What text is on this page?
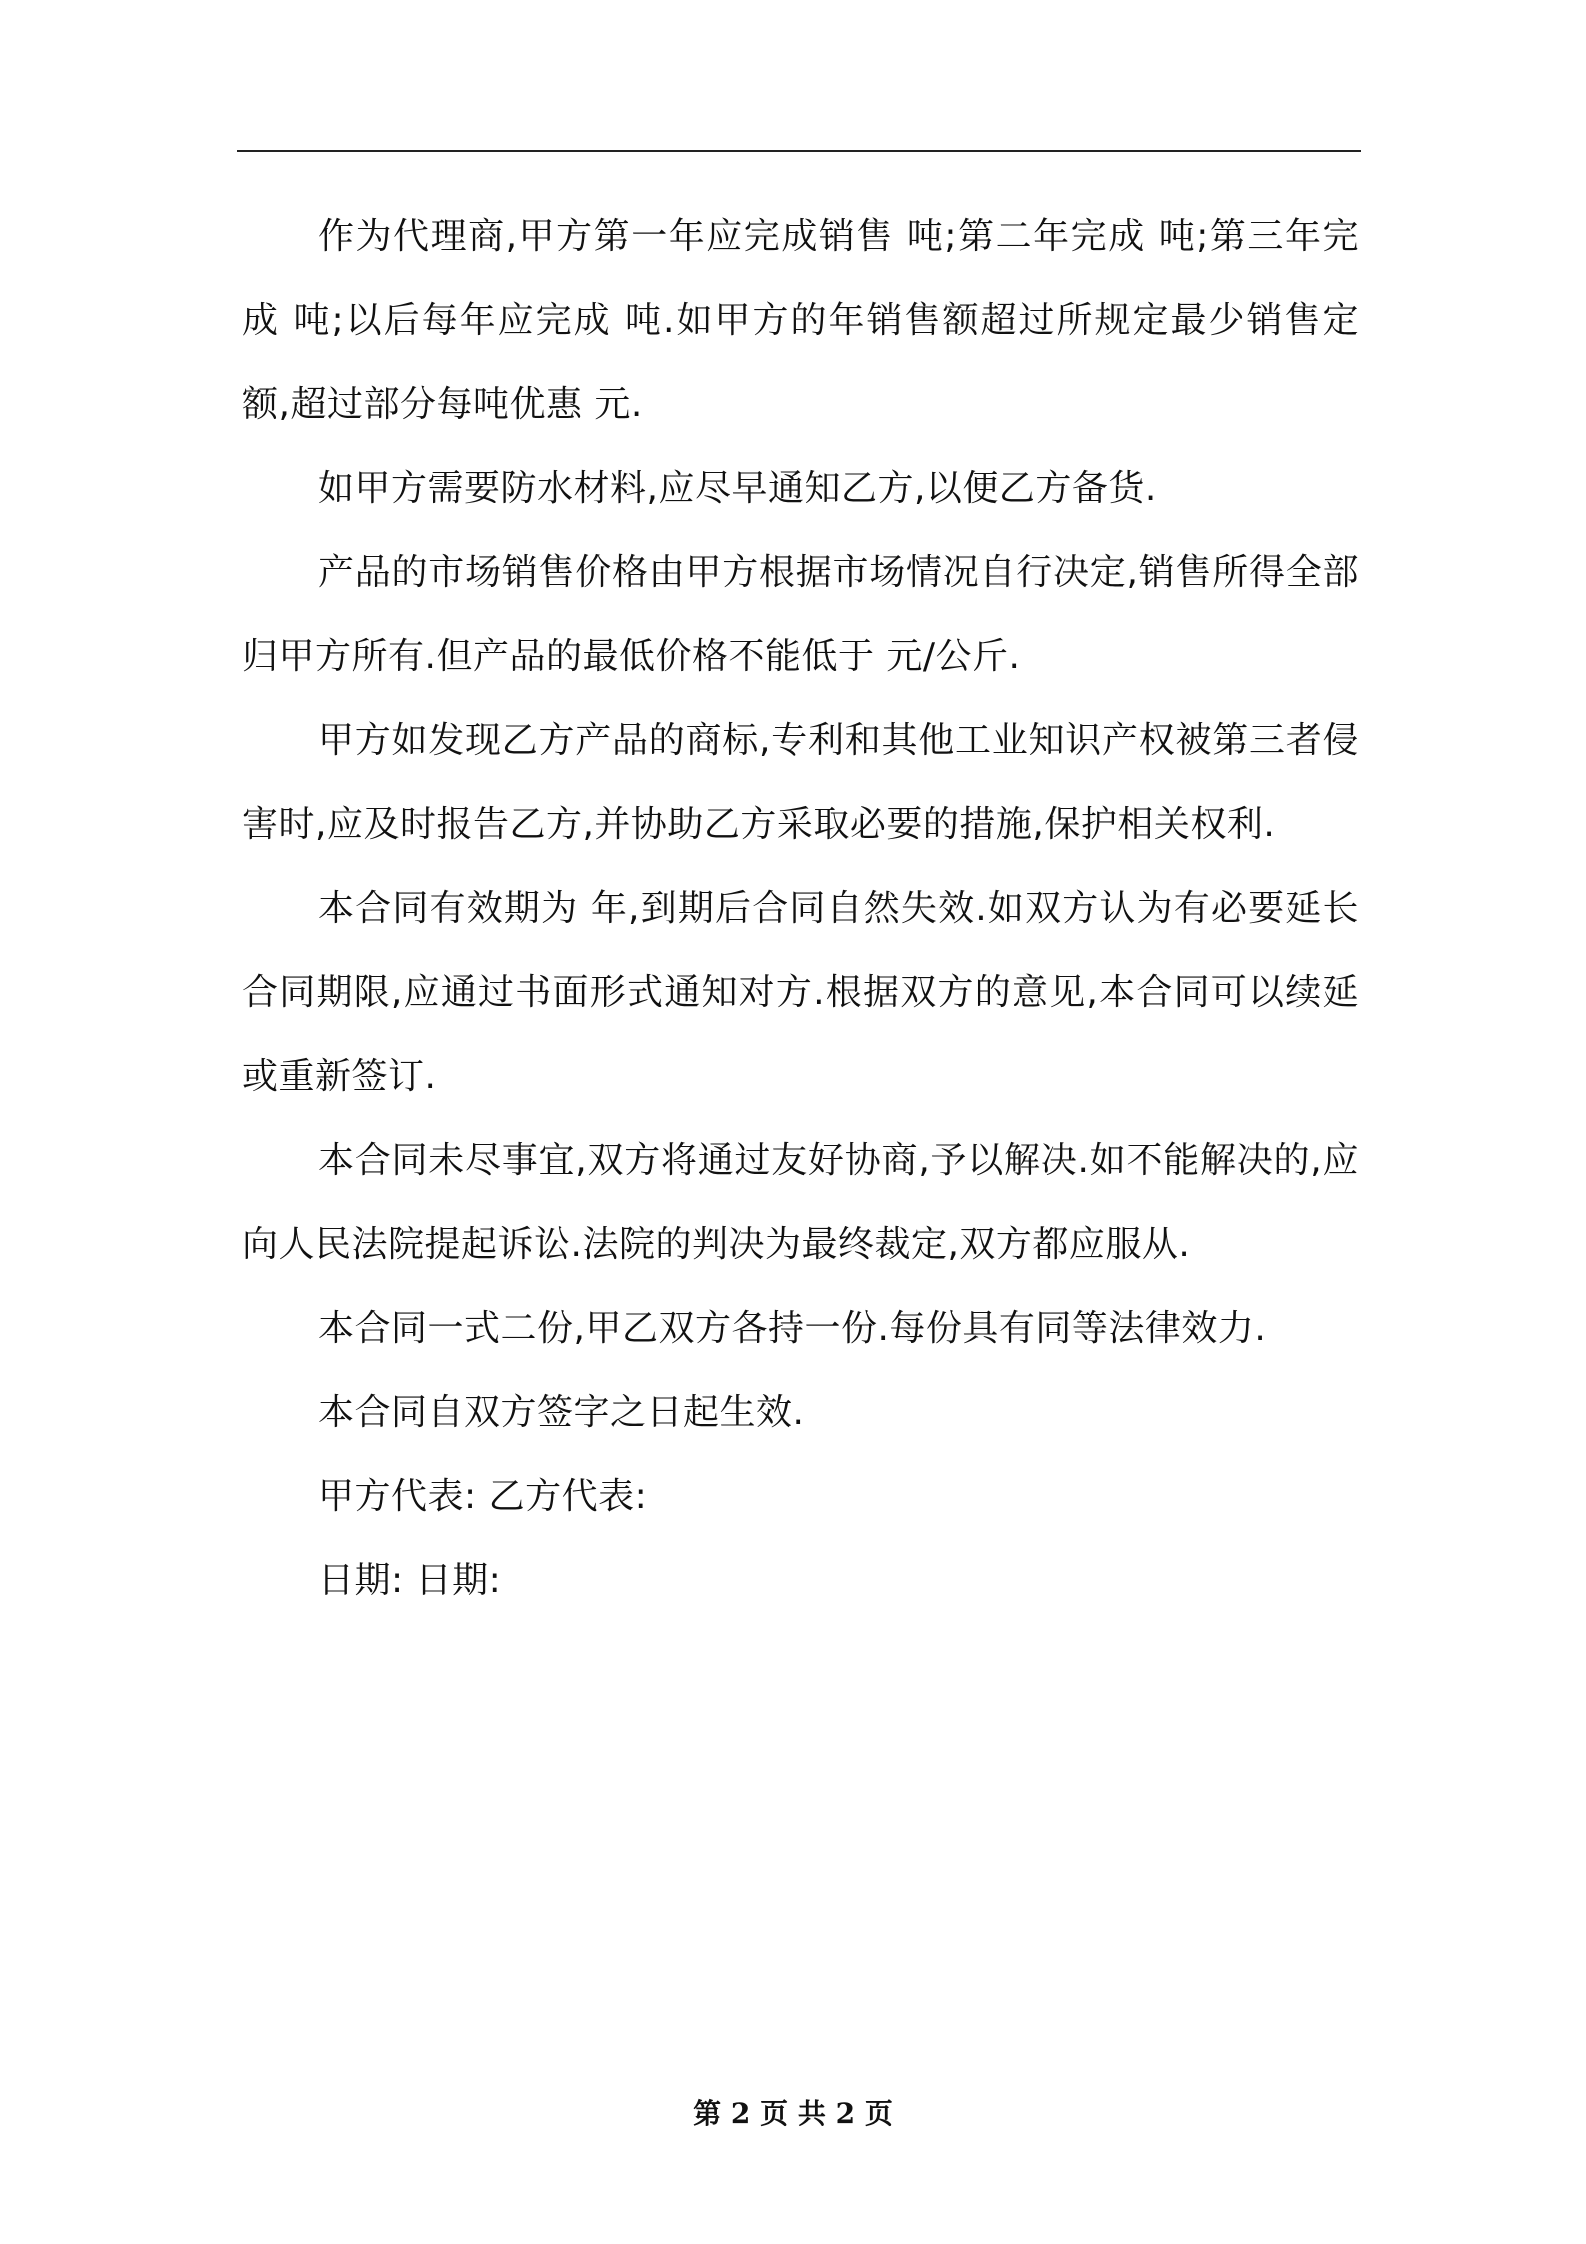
作为代理商,甲方第一年应完成销售 吨;第二年完成 吨;第三年完成 吨;以后每年应完成 吨.如甲方的年销售额超过所规定最少销售定额,超过部分每吨优惠 元.

如甲方需要防水材料,应尽早通知乙方,以便乙方备货.

产品的市场销售价格由甲方根据市场情况自行决定,销售所得全部归甲方所有.但产品的最低价格不能低于 元/公斤.

甲方如发现乙方产品的商标,专利和其他工业知识产权被第三者侵害时,应及时报告乙方,并协助乙方采取必要的措施,保护相关权利.

本合同有效期为 年,到期后合同自然失效.如双方认为有必要延长合同期限,应通过书面形式通知对方.根据双方的意见,本合同可以续延或重新签订.

本合同未尽事宜,双方将通过友好协商,予以解决.如不能解决的,应向人民法院提起诉讼.法院的判决为最终裁定,双方都应服从.

本合同一式二份,甲乙双方各持一份.每份具有同等法律效力.

本合同自双方签字之日起生效.

甲方代表: 乙方代表:

日期: 日期:

第 2 页 共 2 页
